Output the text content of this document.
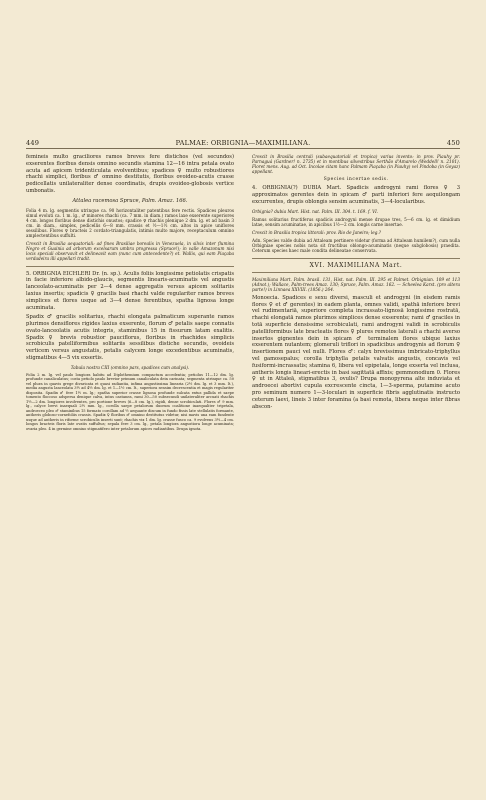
449	PALMAE: ORBIGNIA—MAXIMILIANA.	450

femineis multo graciliores ramos breves fere distichos (vel secundos) exserentes floribus densis omnino secundis stamina 12—16 intra petala ovato acuta ad apicem tridenticulata evolventibus; spadices ♀ multo robustiores rhachi simplici, floribus ♂ omnino destitutis, floribus ovoideo-acutis crasse pedicellatis unilateraliter dense coordinatis, drupis ovoideo-globosis vertice umbonatis.

Attalea racemosa Spruce, Palm. Amaz. 166.

Folia 4 m. lg. segmentis utrinque ca. 90 horizontaliter patentibus fere rectis. Spadices pleuros simul evoluti ca. 1 m. lg., ♂ minores rhachi (ca. 7 mm. in diam.) ramos laxe exserente superiores 4 cm. longos floribus dense distichis onustos; spadice ♀ rhachis plenique 2 dm. lg. et ad basin 3 cm. in diam., simplex, pedicellis 6—8 mm. crassis et ½—1½ cm. altos in apice uniflores sessilibus. Flores ♀ bracteis 2 cordato-triangulatis, intimis multo majore, receptaculum omnino amplectentibus suffulti.

Crescit in Brasilia aequatoriali: ad fines Brasiliae borealis in Venezuela, in silvis inter flumina Negro et Guainia ad arborum excelsarum umbra progressa (Spruce!); in valle Amazonum nisi locis speciali observavit et delineavit eam (nunc cum antecedente?) et. Wallis, qui eam Piaçaba verdadeira illi appellari tradit.

5. ORBIGNIA EICHLERI Dr. (n. sp.). Aculis foliis longissime petiolatis crispatis in facie inferiore albido-glaucis, segmentis linearis-acuminatis vel angustis lanceolato-acuminatis per 2—4 dense aggregatis versus apicem solitariis laxius insertis; spadicis ♀ gracilis basi rhachi valde regulariter ramos breves simplices et flores usque ad 3—4 dense ferentibus, spatha lignosa longe acuminata.

Spadix ♂ gracilis solitarius, rhachi elongata palmaticum superante ramos plurimos densiflores rigides laxius exserente, florum ♂ petalis saepe connatis ovato-lanceolatis acutis integris, staminibus 15 in fissurum latam exalitis. Spadix ♀ brevis robustior pauciflorus, floribus in rhachides simplicis scrobiculis patelliformibus solitariis sessilibus distiche secundis, ovoideis verticem versus angustatis, petalis calycem longe excedentibus acuminatis, stigmatibus 4—5 vix exsertis.

Tabula nostra CIII (omnino pars, spadices cum analysi).

Folia 2 m. lg. vel paulo longiora habitu ad Diplothemium compactum accedentia; petiolus 11—12 dm. lg. profunde canaliculatus; costa petiolo paulo brevior primum canaliculata dein carinata; segmenta utrinque ca. 50 vel plura in quavis grege divaricata et quasi radiantia, infima angustissima linearia (2½ dm. lg. et 3 mm. lt.), media angusta lanceolata 3½ ad 4½ dm. lg. et 1—1½ cm. lt., superiora sensim decrescentia et magis regulariter disposita. Spadix ♂ fere 1½ m. lg.; spatha superior crasse lignosa profunde sulcata extus pallida et saepe tomento floccoso adspersa denique calva, intus castanea, rami 30—50 subsecundi unilateraliter arcuati rhachis 1½—2 dm. longiores involventes, pro portione breves (6—8 cm. lg.), rigidi, dense scrobiculati. Flores ♂ 9 mm. lg., calyce brevi inaequali 2½ mm. lg., corolla saepe petalorum duorum coalitione inaequaliter tripetala, androeceo pleo ♂ staminibus 15 formato corollam ad ½ aequante discum in fundo fissis late stellulatis formante, antheris globoso-cornefoliis crassis. Spadix ♀ floribus ♂ omnino destitutus videtur, nisi mavis una eam fundente usque ad antheris in riforme scrobiculis inserti sunt; rhachis vix 1 dm. lg. crasse fusco ca. 9 evolvens 3½—4 cm. longos bracteis floris late ovatis suffultus; sepala fere 3 cm. lg., petala longiora angustiora longe acuminata; ovaria pleo. 4 in germine omnino stigmatifero inter petalorum apices radiantibus. Drupa ignota.

Crescit in Brasilia centrali (subaequatoriali et tropica) varius invento: in prov. Piauhy pr. Parnaguá (Gardner! n. 2735) et in montibus silvestribus Serthão d'Amarelo (Weddell! n. 2101). Floret mens. Aug. ad Oct. Incolae citam hanc Palmam Piaçaba (in Piauhy) vel Pindoba (in Goyaz) appellant.

Species incertae sedis.

4. ORBIGNIA(?) DUBIA Mart. Spadicis androgyni rami flores ♀ 3 approximatos gerentes dein in spicam ♂ parti inferiori fere aequilongam excurrentes, drupis oblongis sensim acuminatis, 3—4-locularibus.

Orbignia? dubia Mart. Hist. nat. Palm. III. 304. t. 169. f. VI.

Ramus solitarius fructiferus spadicis androgyni mense drupae tres, 5—6 cm. lg. et dimidium latae, sensim acuminatae, in apicibus 1½—2 cm. longis carne insertae.

Crescit in Brasilia tropica littorali: prov. Rio de Janeiro; leg.?

Adn. Species valde dubia ad Attaleam pertinere videtur (forma ad Attaleam humilem?), cum nulla Orbigniae species nobis nota sit fructibus oblongo-acuminatis (neque subglobosis) praedita. Ceterum species haec male condita delineatae conservata.

XVI. MAXIMILIANA Mart.

Maximiliana Mart. Palm. brasil. 131, Hist. nat. Palm. III. 295 et Palmet. Orbignian. 109 et 113 (Adnot.); Wallace, Palm-trees Amaz. 130; Spruce, Palm. Amaz. 162. — Scheelea Karst. (pro altera parte!) in Linnaea XXVIII. (1856.) 264.

Monoecia. Spadices e sexu diversi, masculi et androgyni (in eisdem ramis flores ♀ et ♂ gerentes) in eadem planta, omnes validi, spathā inferiore brevi vel rudimentariā, superiore completa incrassato-lignosā longissime rostratā, rhachi elongatā ramos plurimos simplices dense exserente; rami ♂ graciles in totā superficie densissime scrobiculati, rami androgyni validi in scrobiculis patelliformibus late bracteatis flores ♀ plures remotos laterali a rhachi averso insertos gignentes dein in spicam ♂ terminalem flores ubique laxius exserentem nutantem; glomeruli triflori in spadicibus androgynis ad florum ♀ insertionem pauci vel nulli. Flores ♂: calyx brevissimus imbricato-triphyllus vel gamosepalus; corolla triphylla petalis valvatis angustis, concavis vel fusiformi-incrassatis; stamina 6, libera vel epipetala, longe exserta vel inclusa, antheris longis lineari-erectis in basi sagittatā affixis; gemmonodium 0. Flores ♀ ut in Attaleā, stigmatibus 3, ovulis? Drupa monopyrena alte induviata et androecei abortivi cupula excrescente cincta, 1—3-sperma, putamine acuto pro seminum numero 1—3-loculari in superficie fibris agglutinatis instructo ceterum laevi, lineis 3 inter foramina (a basi remota, libera neque inter fibras abscon-
